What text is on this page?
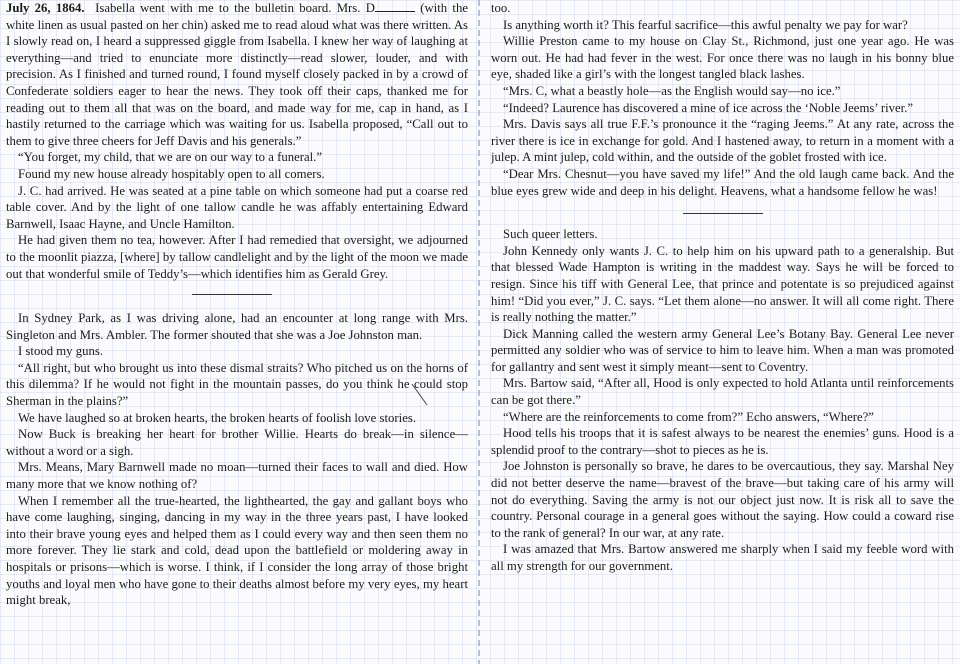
July 26, 1864. Isabella went with me to the bulletin board. Mrs. D	(with the white linen as usual pasted on her chin) asked me to read aloud what was there written. As I slowly read on, I heard a suppressed giggle from Isabella. I knew her way of laughing at everything—and tried to enunciate more distinctly—read slower, louder, and with precision. As I finished and turned round, I found myself closely packed in by a crowd of Confederate soldiers eager to hear the news. They took off their caps, thanked me for reading out to them all that was on the board, and made way for me, cap in hand, as I hastily returned to the carriage which was waiting for us. Isabella proposed, “Call out to them to give three cheers for Jeff Davis and his generals.”

“You forget, my child, that we are on our way to a funeral.”

Found my new house already hospitably open to all comers.

J. C. had arrived. He was seated at a pine table on which someone had put a coarse red table cover. And by the light of one tallow candle he was affably entertaining Edward Barnwell, Isaac Hayne, and Uncle Hamilton.

He had given them no tea, however. After I had remedied that oversight, we adjourned to the moonlit piazza, [where] by tallow candlelight and by the light of the moon we made out that wonderful smile of Teddy’s—which identifies him as Gerald Grey.

In Sydney Park, as I was driving alone, had an encounter at long range with Mrs. Singleton and Mrs. Ambler. The former shouted that she was a Joe Johnston man.

I stood my guns.

“All right, but who brought us into these dismal straits? Who pitched us on the horns of this dilemma? If he would not fight in the mountain passes, do you think he could stop Sherman in the plains?”

We have laughed so at broken hearts, the broken hearts of foolish love stories.

Now Buck is breaking her heart for brother Willie. Hearts do break—in silence—without a word or a sigh.

Mrs. Means, Mary Barnwell made no moan—turned their faces to wall and died. How many more that we know nothing of?

When I remember all the true-hearted, the lighthearted, the gay and gallant boys who have come laughing, singing, dancing in my way in the three years past, I have looked into their brave young eyes and helped them as I could every way and then seen them no more forever. They lie stark and cold, dead upon the battlefield or moldering away in hospitals or prisons—which is worse. I think, if I consider the long array of those bright youths and loyal men who have gone to their deaths almost before my very eyes, my heart might break,

too.

Is anything worth it? This fearful sacrifice—this awful penalty we pay for war?

Willie Preston came to my house on Clay St., Richmond, just one year ago. He was worn out. He had had fever in the west. For once there was no laugh in his bonny blue eye, shaded like a girl’s with the longest tangled black lashes.

“Mrs. C, what a beastly hole—as the English would say—no ice.”

“Indeed? Laurence has discovered a mine of ice across the ‘Noble Jeems’ river.”

Mrs. Davis says all true F.F.’s pronounce it the “raging Jeems.” At any rate, across the river there is ice in exchange for gold. And I hastened away, to return in a moment with a julep. A mint julep, cold within, and the outside of the goblet frosted with ice.

“Dear Mrs. Chesnut—you have saved my life!” And the old laugh came back. And the blue eyes grew wide and deep in his delight. Heavens, what a handsome fellow he was!

Such queer letters.

John Kennedy only wants J. C. to help him on his upward path to a generalship. But that blessed Wade Hampton is writing in the maddest way. Says he will be forced to resign. Since his tiff with General Lee, that prince and potentate is so prejudiced against him! “Did you ever,” J. C. says. “Let them alone—no answer. It will all come right. There is really nothing the matter.”

Dick Manning called the western army General Lee’s Botany Bay. General Lee never permitted any soldier who was of service to him to leave him. When a man was promoted for gallantry and sent west it simply meant—sent to Coventry.

Mrs. Bartow said, “After all, Hood is only expected to hold Atlanta until reinforcements can be got there.”

“Where are the reinforcements to come from?” Echo answers, “Where?”

Hood tells his troops that it is safest always to be nearest the enemies’ guns. Hood is a splendid proof to the contrary—shot to pieces as he is.

Joe Johnston is personally so brave, he dares to be overcautious, they say. Marshal Ney did not better deserve the name—bravest of the brave—but taking care of his army will not do everything. Saving the army is not our object just now. It is risk all to save the country. Personal courage in a general goes without the saying. How could a coward rise to the rank of general? In our war, at any rate.

I was amazed that Mrs. Bartow answered me sharply when I said my feeble word with all my strength for our government.
